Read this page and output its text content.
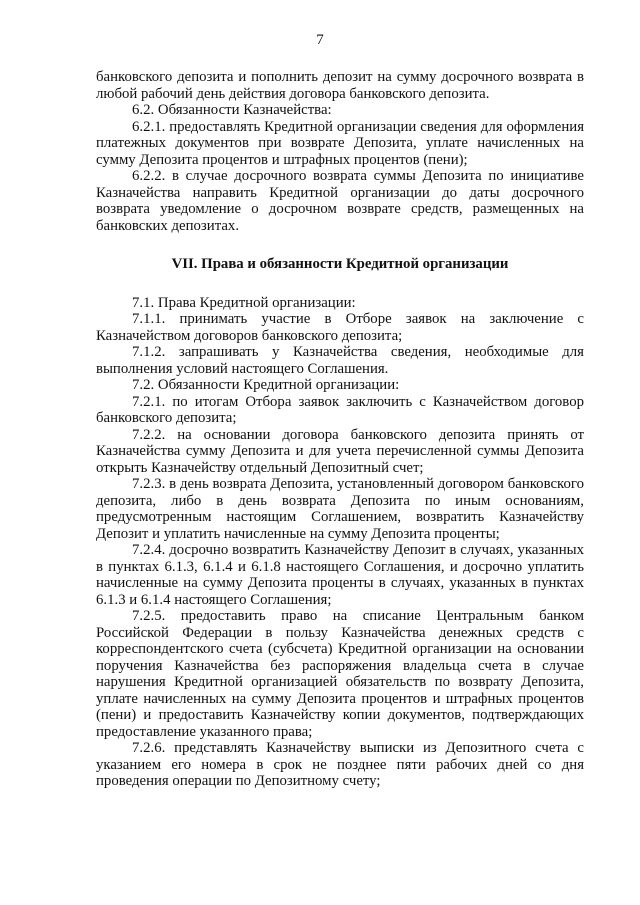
7

банковского депозита и пополнить депозит на сумму досрочного возврата в любой рабочий день действия договора банковского депозита.

6.2. Обязанности Казначейства:

6.2.1. предоставлять Кредитной организации сведения для оформления платежных документов при возврате Депозита, уплате начисленных на сумму Депозита процентов и штрафных процентов (пени);

6.2.2. в случае досрочного возврата суммы Депозита по инициативе Казначейства направить Кредитной организации до даты досрочного возврата уведомление о досрочном возврате средств, размещенных на банковских депозитах.

VII. Права и обязанности Кредитной организации

7.1. Права Кредитной организации:

7.1.1. принимать участие в Отборе заявок на заключение с Казначейством договоров банковского депозита;

7.1.2. запрашивать у Казначейства сведения, необходимые для выполнения условий настоящего Соглашения.

7.2. Обязанности Кредитной организации:

7.2.1. по итогам Отбора заявок заключить с Казначейством договор банковского депозита;

7.2.2. на основании договора банковского депозита принять от Казначейства сумму Депозита и для учета перечисленной суммы Депозита открыть Казначейству отдельный Депозитный счет;

7.2.3. в день возврата Депозита, установленный договором банковского депозита, либо в день возврата Депозита по иным основаниям, предусмотренным настоящим Соглашением, возвратить Казначейству Депозит и уплатить начисленные на сумму Депозита проценты;

7.2.4. досрочно возвратить Казначейству Депозит в случаях, указанных в пунктах 6.1.3, 6.1.4 и 6.1.8 настоящего Соглашения, и досрочно уплатить начисленные на сумму Депозита проценты в случаях, указанных в пунктах 6.1.3 и 6.1.4 настоящего Соглашения;

7.2.5. предоставить право на списание Центральным банком Российской Федерации в пользу Казначейства денежных средств с корреспондентского счета (субсчета) Кредитной организации на основании поручения Казначейства без распоряжения владельца счета в случае нарушения Кредитной организацией обязательств по возврату Депозита, уплате начисленных на сумму Депозита процентов и штрафных процентов (пени) и предоставить Казначейству копии документов, подтверждающих предоставление указанного права;

7.2.6. представлять Казначейству выписки из Депозитного счета с указанием его номера в срок не позднее пяти рабочих дней со дня проведения операции по Депозитному счету;
